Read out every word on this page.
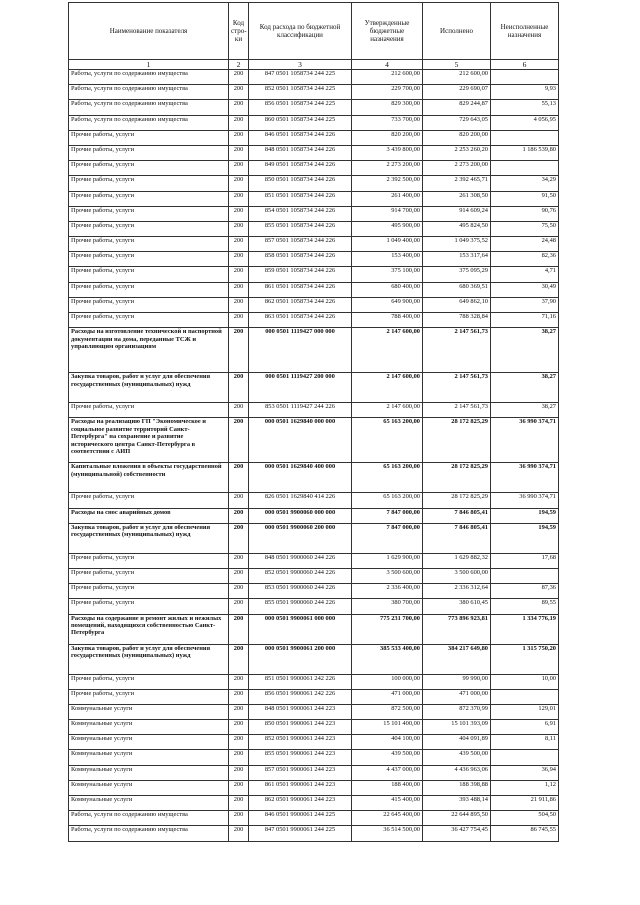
Наименование показателя	Код стро-ки	Код расхода по бюджетной классификации	Утвержденные бюджетные назначения	Исполнено	Неисполненные назначения
1	2	3	4	5	6
Работы, услуги по содержанию имущества	200	847 0501 1058734 244 225	212 600,00	212 600,00	
Работы, услуги по содержанию имущества	200	852 0501 1058734 244 225	229 700,00	229 690,07	9,93
Работы, услуги по содержанию имущества	200	856 0501 1058734 244 225	829 300,00	829 244,87	55,13
Работы, услуги по содержанию имущества	200	860 0501 1058734 244 225	733 700,00	729 643,05	4 056,95
Прочие работы, услуги	200	846 0501 1058734 244 226	820 200,00	820 200,00	
Прочие работы, услуги	200	848 0501 1058734 244 226	3 439 800,00	2 253 260,20	1 186 539,80
Прочие работы, услуги	200	849 0501 1058734 244 226	2 273 200,00	2 273 200,00	
Прочие работы, услуги	200	850 0501 1058734 244 226	2 392 500,00	2 392 465,71	34,29
Прочие работы, услуги	200	851 0501 1058734 244 226	261 400,00	261 308,50	91,50
Прочие работы, услуги	200	854 0501 1058734 244 226	914 700,00	914 609,24	90,76
Прочие работы, услуги	200	855 0501 1058734 244 226	495 900,00	495 824,50	75,50
Прочие работы, услуги	200	857 0501 1058734 244 226	1 049 400,00	1 049 375,52	24,48
Прочие работы, услуги	200	858 0501 1058734 244 226	153 400,00	153 317,64	82,36
Прочие работы, услуги	200	859 0501 1058734 244 226	375 100,00	375 095,29	4,71
Прочие работы, услуги	200	861 0501 1058734 244 226	680 400,00	680 369,51	30,49
Прочие работы, услуги	200	862 0501 1058734 244 226	649 900,00	649 862,10	37,90
Прочие работы, услуги	200	863 0501 1058734 244 226	788 400,00	788 328,84	71,16
Расходы на изготовление технической и паспортной документации на дома, переданные ТСЖ и управляющим организациям	200	000 0501 1119427 000 000	2 147 600,00	2 147 561,73	38,27
Закупка товаров, работ и услуг для обеспечения государственных (муниципальных) нужд	200	000 0501 1119427 200 000	2 147 600,00	2 147 561,73	38,27
Прочие работы, услуги	200	853 0501 1119427 244 226	2 147 600,00	2 147 561,73	38,27
Расходы на реализацию ГП "Экономическое и социальное развитие территорий Санкт-Петербурга" на сохранение и развитие исторического центра Санкт-Петербурга в соответствии с АИП	200	000 0501 1629840 000 000	65 163 200,00	28 172 825,29	36 990 374,71
Капитальные вложения в объекты государственной (муниципальной) собственности	200	000 0501 1629840 400 000	65 163 200,00	28 172 825,29	36 990 374,71
Прочие работы, услуги	200	826 0501 1629840 414 226	65 163 200,00	28 172 825,29	36 990 374,71
Расходы на снос аварийных домов	200	000 0501 9900060 000 000	7 847 000,00	7 846 805,41	194,59
Закупка товаров, работ и услуг для обеспечения государственных (муниципальных) нужд	200	000 0501 9900060 200 000	7 847 000,00	7 846 805,41	194,59
Прочие работы, услуги	200	848 0501 9900060 244 226	1 629 900,00	1 629 882,32	17,68
Прочие работы, услуги	200	852 0501 9900060 244 226	3 500 600,00	3 500 600,00	
Прочие работы, услуги	200	853 0501 9900060 244 226	2 336 400,00	2 336 312,64	87,36
Прочие работы, услуги	200	855 0501 9900060 244 226	380 700,00	380 610,45	89,55
Расходы на содержание и ремонт жилых и нежилых помещений, находящихся собственностью Санкт-Петербурга	200	000 0501 9900061 000 000	775 231 700,00	773 896 923,81	1 334 776,19
Закупка товаров, работ и услуг для обеспечения государственных (муниципальных) нужд	200	000 0501 9900061 200 000	385 533 400,00	384 217 649,80	1 315 750,20
Прочие работы, услуги	200	851 0501 9900061 242 226	100 000,00	99 990,00	10,00
Прочие работы, услуги	200	856 0501 9900061 242 226	471 000,00	471 000,00	
Коммунальные услуги	200	848 0501 9900061 244 223	872 500,00	872 370,99	129,01
Коммунальные услуги	200	850 0501 9900061 244 223	15 101 400,00	15 101 393,09	6,91
Коммунальные услуги	200	852 0501 9900061 244 223	404 100,00	404 091,89	8,11
Коммунальные услуги	200	855 0501 9900061 244 223	439 500,00	439 500,00	
Коммунальные услуги	200	857 0501 9900061 244 223	4 437 000,00	4 436 963,06	36,94
Коммунальные услуги	200	861 0501 9900061 244 223	188 400,00	188 398,88	1,12
Коммунальные услуги	200	862 0501 9900061 244 223	415 400,00	393 488,14	21 911,86
Работы, услуги по содержанию имущества	200	846 0501 9900061 244 225	22 645 400,00	22 644 895,50	504,50
Работы, услуги по содержанию имущества	200	847 0501 9900061 244 225	36 514 500,00	36 427 754,45	86 745,55
